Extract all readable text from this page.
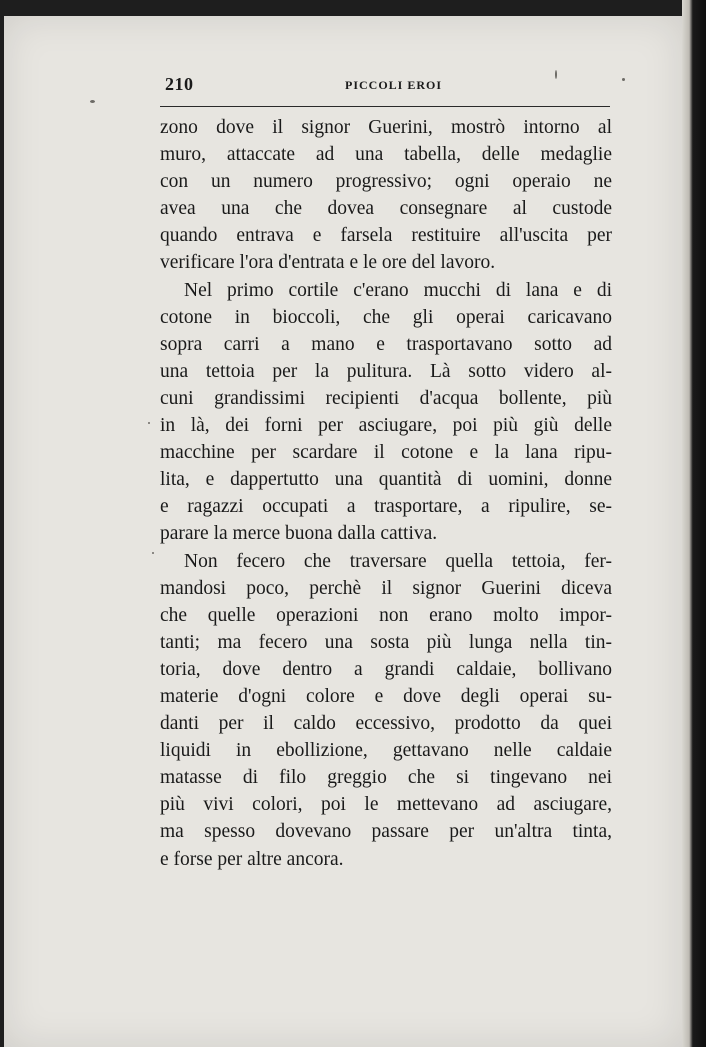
210	PICCOLI EROI
zono dove il signor Guerini, mostrò intorno al
muro, attaccate ad una tabella, delle medaglie
con un numero progressivo; ogni operaio ne
avea una che dovea consegnare al custode
quando entrava e farsela restituire all'uscita per
verificare l'ora d'entrata e le ore del lavoro.
Nel primo cortile c'erano mucchi di lana e di
cotone in bioccoli, che gli operai caricavano
sopra carri a mano e trasportavano sotto ad
una tettoia per la pulitura. Là sotto videro al-
cuni grandissimi recipienti d'acqua bollente, più
in là, dei forni per asciugare, poi più giù delle
macchine per scardare il cotone e la lana ripu-
lita, e dappertutto una quantità di uomini, donne
e ragazzi occupati a trasportare, a ripulire, se-
parare la merce buona dalla cattiva.
Non fecero che traversare quella tettoia, fer-
mandosi poco, perchè il signor Guerini diceva
che quelle operazioni non erano molto impor-
tanti; ma fecero una sosta più lunga nella tin-
toria, dove dentro a grandi caldaie, bollivano
materie d'ogni colore e dove degli operai su-
danti per il caldo eccessivo, prodotto da quei
liquidi in ebollizione, gettavano nelle caldaie
matasse di filo greggio che si tingevano nei
più vivi colori, poi le mettevano ad asciugare,
ma spesso dovevano passare per un'altra tinta,
e forse per altre ancora.
